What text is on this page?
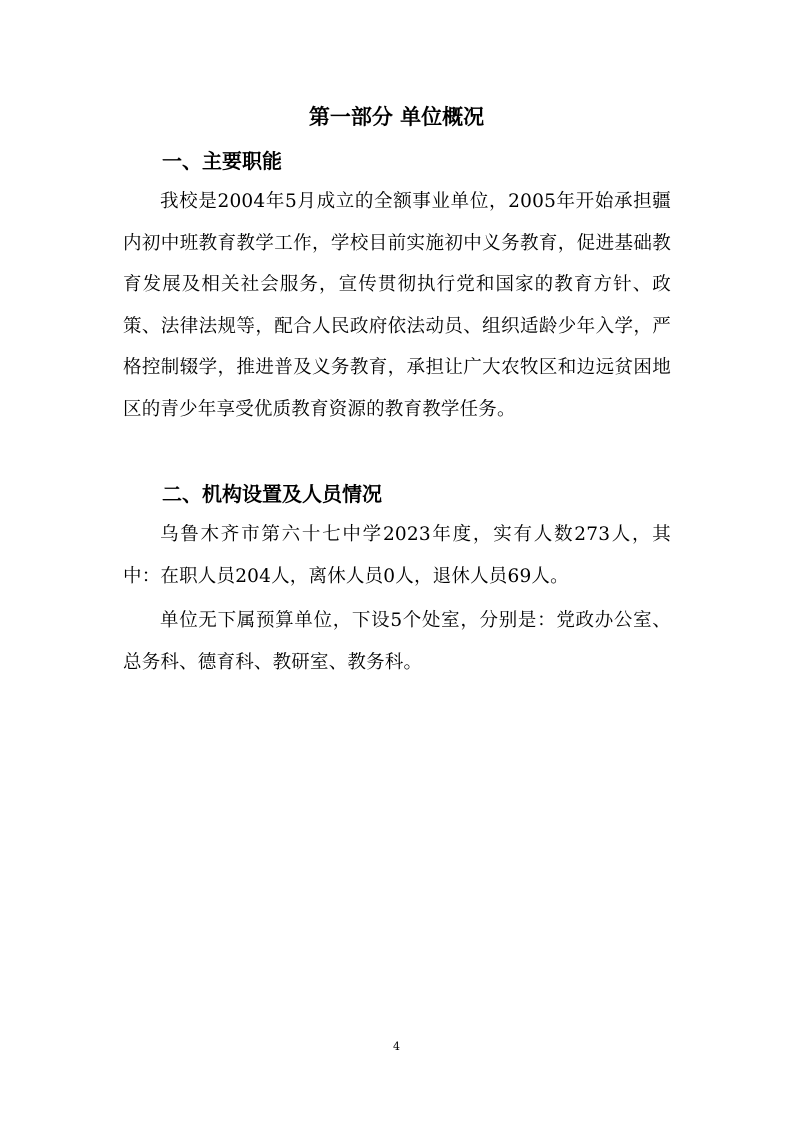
第一部分 单位概况
一、主要职能

我校是2004年5月成立的全额事业单位，2005年开始承担疆内初中班教育教学工作，学校目前实施初中义务教育，促进基础教育发展及相关社会服务，宣传贯彻执行党和国家的教育方针、政策、法律法规等，配合人民政府依法动员、组织适龄少年入学，严格控制辍学，推进普及义务教育，承担让广大农牧区和边远贫困地区的青少年享受优质教育资源的教育教学任务。

二、机构设置及人员情况

乌鲁木齐市第六十七中学2023年度，实有人数273人，其中：在职人员204人，离休人员0人，退休人员69人。

单位无下属预算单位，下设5个处室，分别是：党政办公室、总务科、德育科、教研室、教务科。

4
